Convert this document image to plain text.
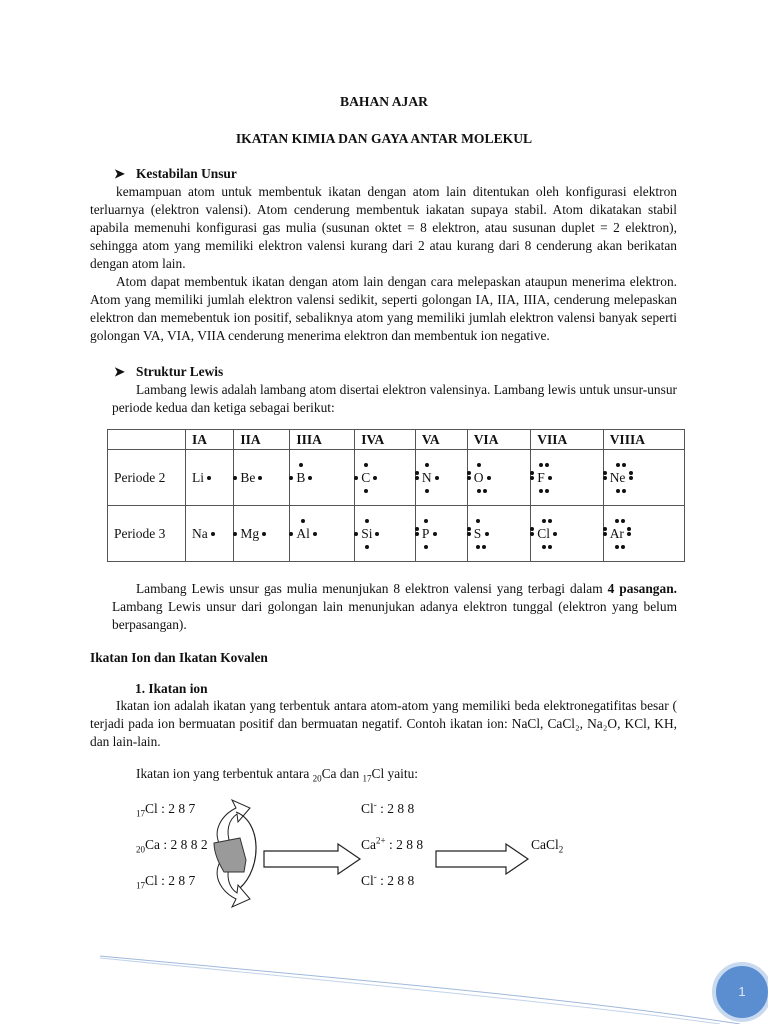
BAHAN AJAR
IKATAN KIMIA DAN GAYA ANTAR MOLEKUL
➤ Kestabilan Unsur
kemampuan atom untuk membentuk ikatan dengan atom lain ditentukan oleh konfigurasi elektron terluarnya (elektron valensi). Atom cenderung membentuk iakatan supaya stabil. Atom dikatakan stabil apabila memenuhi konfigurasi gas mulia (susunan oktet = 8 elektron, atau susunan duplet = 2 elektron), sehingga atom yang memiliki elektron valensi kurang dari 2 atau kurang dari 8 cenderung akan berikatan dengan atom lain.
Atom dapat membentuk ikatan dengan atom lain dengan cara melepaskan ataupun menerima elektron. Atom yang memiliki jumlah elektron valensi sedikit, seperti golongan IA, IIA, IIIA, cenderung melepaskan elektron dan memebentuk ion positif, sebaliknya atom yang memiliki jumlah elektron valensi banyak seperti golongan VA, VIA, VIIA cenderung menerima elektron dan membentuk ion negative.
➤ Struktur Lewis
Lambang lewis adalah lambang atom disertai elektron valensinya. Lambang lewis untuk unsur-unsur periode kedua dan ketiga sebagai berikut:
	IA	IIA	IIIA	IVA	VA	VIA	VIIA	VIIIA
Periode 2	Li	Be	B	C	N	O	F	Ne

Periode 3	Na	Mg	Al	Si	P	S	Cl	Ar
Lambang Lewis unsur gas mulia menunjukan 8 elektron valensi yang terbagi dalam 4 pasangan. Lambang Lewis unsur dari golongan lain menunjukan adanya elektron tunggal (elektron yang belum berpasangan).
Ikatan Ion dan Ikatan Kovalen
1. Ikatan ion
Ikatan ion adalah ikatan yang terbentuk antara atom-atom yang memiliki beda elektronegatifitas besar ( terjadi pada ion bermuatan positif dan bermuatan negatif. Contoh ikatan ion: NaCl, CaCl₂, Na₂O, KCl, KH, dan lain-lain.
Ikatan ion yang terbentuk antara $_{20}$Ca dan $_{17}$Cl yaitu:
$_{17}$Cl : 2 8 7
$_{20}$Ca : 2 8 8 2
$_{17}$Cl : 2 8 7
Cl- : 2 8 8
$Ca^{2+}$ : 2 8 8
Cl- : 2 8 8
CaCl$_2$
1
